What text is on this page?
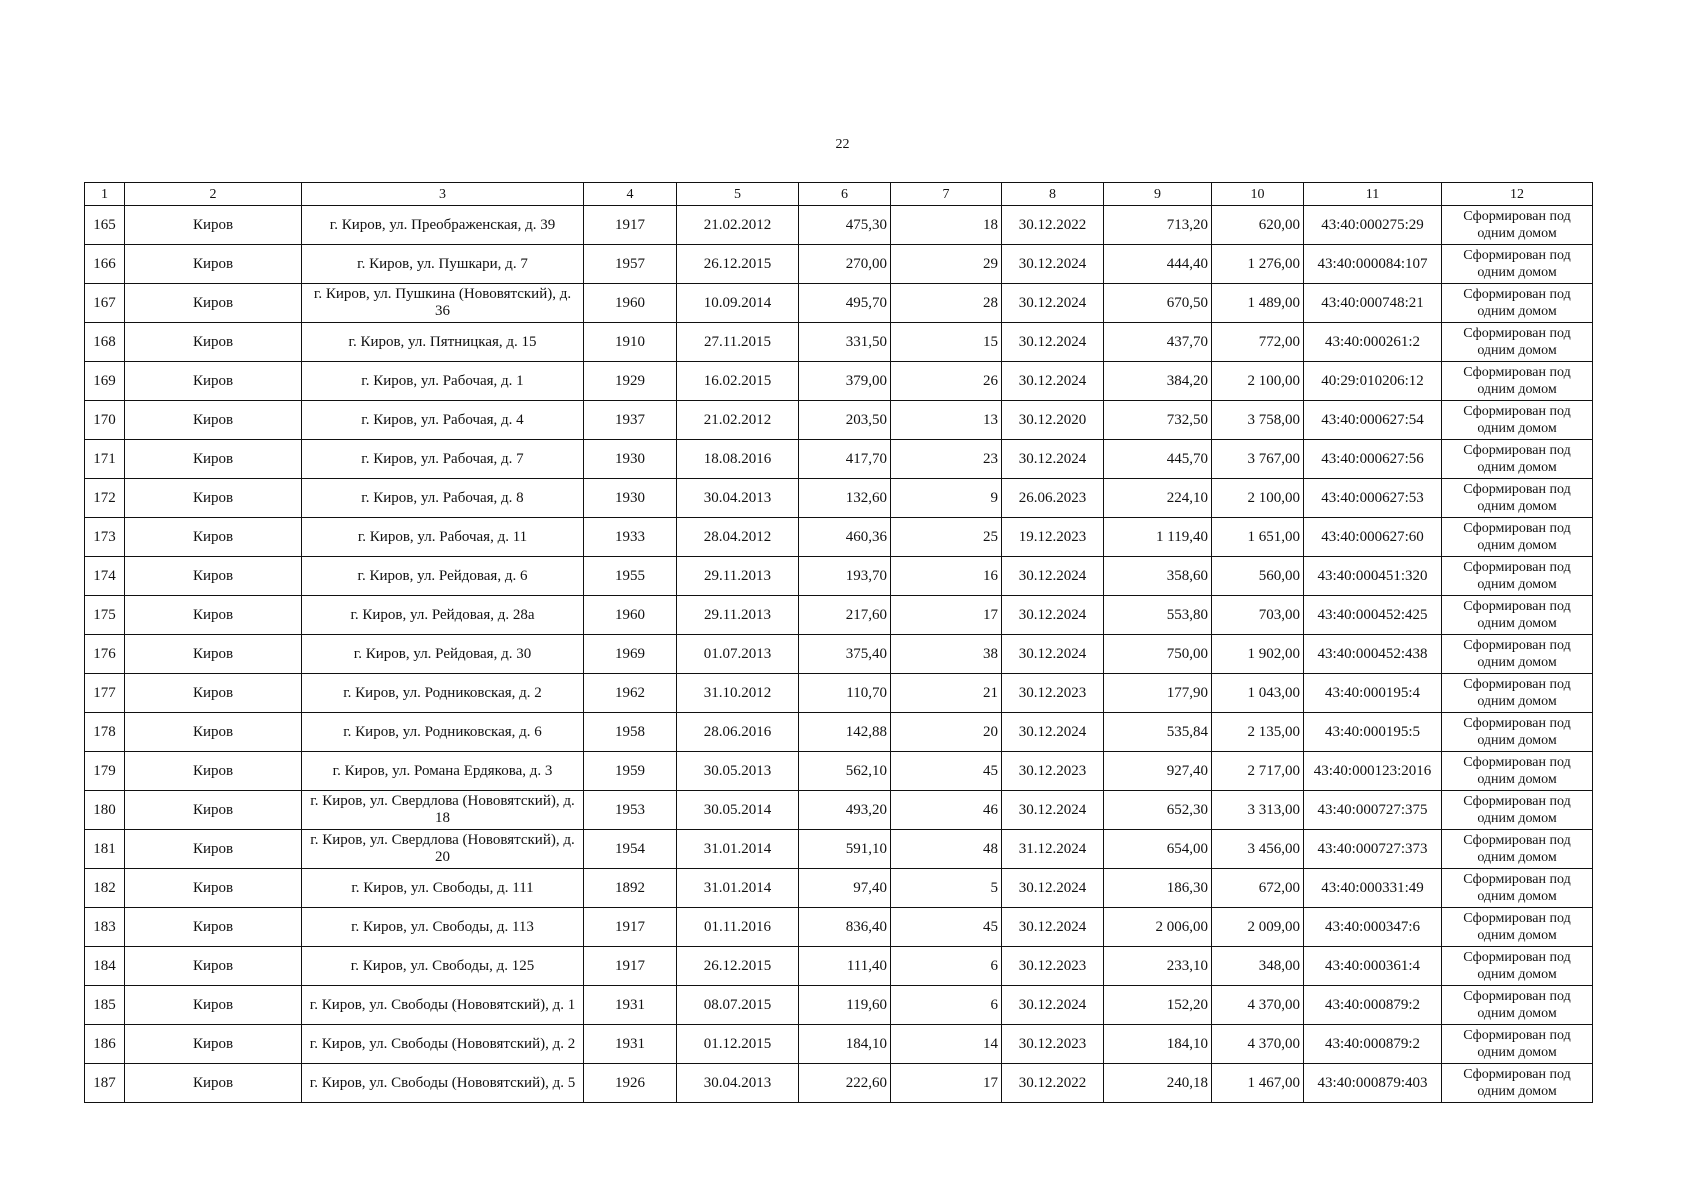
22
1	2	3	4	5	6	7	8	9	10	11	12
165	Киров	г. Киров, ул. Преображенская, д. 39	1917	21.02.2012	475,30	18	30.12.2022	713,20	620,00	43:40:000275:29	Сформирован под одним домом
166	Киров	г. Киров, ул. Пушкари, д. 7	1957	26.12.2015	270,00	29	30.12.2024	444,40	1 276,00	43:40:000084:107	Сформирован под одним домом
167	Киров	г. Киров, ул. Пушкина (Нововятский), д. 36	1960	10.09.2014	495,70	28	30.12.2024	670,50	1 489,00	43:40:000748:21	Сформирован под одним домом
168	Киров	г. Киров, ул. Пятницкая, д. 15	1910	27.11.2015	331,50	15	30.12.2024	437,70	772,00	43:40:000261:2	Сформирован под одним домом
169	Киров	г. Киров, ул. Рабочая, д. 1	1929	16.02.2015	379,00	26	30.12.2024	384,20	2 100,00	40:29:010206:12	Сформирован под одним домом
170	Киров	г. Киров, ул. Рабочая, д. 4	1937	21.02.2012	203,50	13	30.12.2020	732,50	3 758,00	43:40:000627:54	Сформирован под одним домом
171	Киров	г. Киров, ул. Рабочая, д. 7	1930	18.08.2016	417,70	23	30.12.2024	445,70	3 767,00	43:40:000627:56	Сформирован под одним домом
172	Киров	г. Киров, ул. Рабочая, д. 8	1930	30.04.2013	132,60	9	26.06.2023	224,10	2 100,00	43:40:000627:53	Сформирован под одним домом
173	Киров	г. Киров, ул. Рабочая, д. 11	1933	28.04.2012	460,36	25	19.12.2023	1 119,40	1 651,00	43:40:000627:60	Сформирован под одним домом
174	Киров	г. Киров, ул. Рейдовая, д. 6	1955	29.11.2013	193,70	16	30.12.2024	358,60	560,00	43:40:000451:320	Сформирован под одним домом
175	Киров	г. Киров, ул. Рейдовая, д. 28а	1960	29.11.2013	217,60	17	30.12.2024	553,80	703,00	43:40:000452:425	Сформирован под одним домом
176	Киров	г. Киров, ул. Рейдовая, д. 30	1969	01.07.2013	375,40	38	30.12.2024	750,00	1 902,00	43:40:000452:438	Сформирован под одним домом
177	Киров	г. Киров, ул. Родниковская, д. 2	1962	31.10.2012	110,70	21	30.12.2023	177,90	1 043,00	43:40:000195:4	Сформирован под одним домом
178	Киров	г. Киров, ул. Родниковская, д. 6	1958	28.06.2016	142,88	20	30.12.2024	535,84	2 135,00	43:40:000195:5	Сформирован под одним домом
179	Киров	г. Киров, ул. Романа Ердякова, д. 3	1959	30.05.2013	562,10	45	30.12.2023	927,40	2 717,00	43:40:000123:2016	Сформирован под одним домом
180	Киров	г. Киров, ул. Свердлова (Нововятский), д. 18	1953	30.05.2014	493,20	46	30.12.2024	652,30	3 313,00	43:40:000727:375	Сформирован под одним домом
181	Киров	г. Киров, ул. Свердлова (Нововятский), д. 20	1954	31.01.2014	591,10	48	31.12.2024	654,00	3 456,00	43:40:000727:373	Сформирован под одним домом
182	Киров	г. Киров, ул. Свободы, д. 111	1892	31.01.2014	97,40	5	30.12.2024	186,30	672,00	43:40:000331:49	Сформирован под одним домом
183	Киров	г. Киров, ул. Свободы, д. 113	1917	01.11.2016	836,40	45	30.12.2024	2 006,00	2 009,00	43:40:000347:6	Сформирован под одним домом
184	Киров	г. Киров, ул. Свободы, д. 125	1917	26.12.2015	111,40	6	30.12.2023	233,10	348,00	43:40:000361:4	Сформирован под одним домом
185	Киров	г. Киров, ул. Свободы (Нововятский), д. 1	1931	08.07.2015	119,60	6	30.12.2024	152,20	4 370,00	43:40:000879:2	Сформирован под одним домом
186	Киров	г. Киров, ул. Свободы (Нововятский), д. 2	1931	01.12.2015	184,10	14	30.12.2023	184,10	4 370,00	43:40:000879:2	Сформирован под одним домом
187	Киров	г. Киров, ул. Свободы (Нововятский), д. 5	1926	30.04.2013	222,60	17	30.12.2022	240,18	1 467,00	43:40:000879:403	Сформирован под одним домом
